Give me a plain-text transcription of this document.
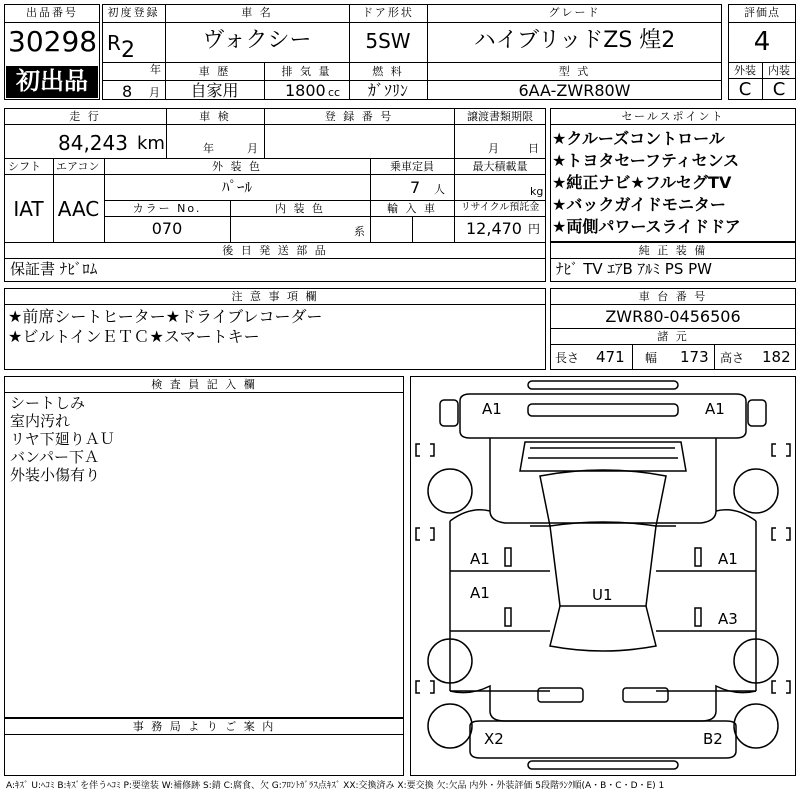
出品番号
30298
初出品
初度登録
R 2
年
8 月
車 名
ヴォクシー
ドア形状
5SW
グレード
ハイブリッドZS 煌2
車 歴
自家用
排 気 量
1800 cc
燃 料
ｶﾞｿﾘﾝ
型 式
6AA-ZWR80W
評価点
4
外装	内装
C	C
走 行
84,243 km
車 検
年	月
登 録 番 号	譲渡書類期限
月	日
シフト
IAT
エアコン
AAC
外 装 色
ﾊﾟｰﾙ
乗車定員
7 人
最大積載量
kg
カラー No.
070
内 装 色
系
輸 入 車	リサイクル預託金
12,470 円
後 日 発 送 部 品
保証書 ﾅﾋﾞﾛﾑ
セールスポイント
★クルーズコントロール
★トヨタセーフティセンス
★純正ナビ★フルセグTV
★バックガイドモニター
★両側パワースライドドア
純 正 装 備
ﾅﾋﾞ TV ｴｱB ｱﾙﾐ PS PW
注 意 事 項 欄
★前席シートヒーター★ドライブレコーダー
★ビルトインＥＴＣ★スマートキー
車 台 番 号
ZWR80-0456506
諸 元
長さ 471 幅 173 高さ 182
検 査 員 記 入 欄
シートしみ
室内汚れ
リヤ下廻りＡＵ
バンパー下Ａ
外装小傷有り
事 務 局 よ り ご 案 内
A1	A1
A1	A1
A1	U1
A3
X2	B2
A:ｷｽﾞ U:ﾍｺﾐ B:ｷｽﾞを伴うﾍｺﾐ P:要塗装 W:補修跡 S:錆 C:腐食、欠 G:ﾌﾛﾝﾄｶﾞﾗｽ点ｷｽﾞ XX:交換済み X:要交換 欠:欠品 内外・外装評価 5段階ﾗﾝｸ順(A・B・C・D・E) 1
